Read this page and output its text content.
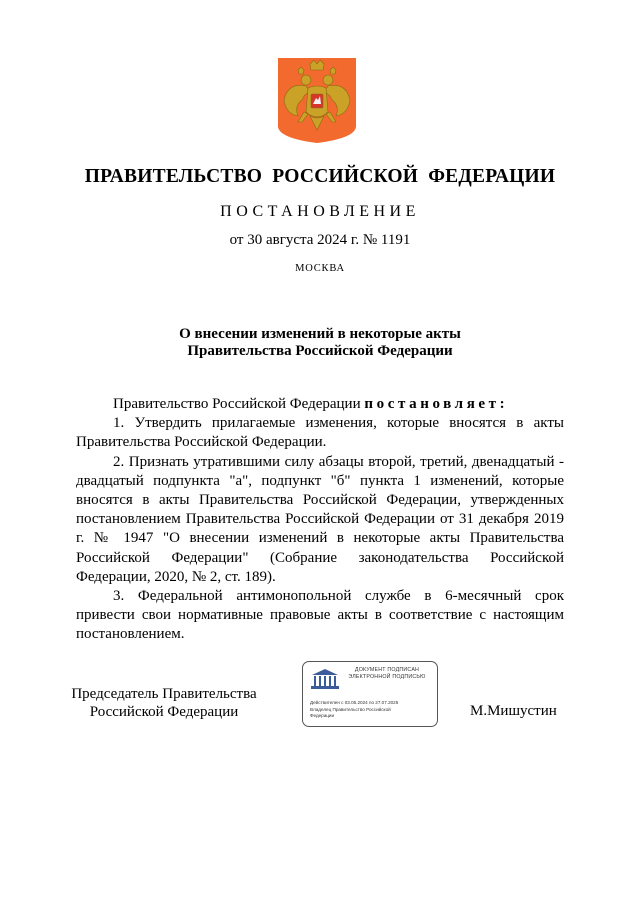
ПРАВИТЕЛЬСТВО  РОССИЙСКОЙ  ФЕДЕРАЦИИ
ПОСТАНОВЛЕНИЕ
от 30 августа 2024 г. № 1191
МОСКВА
О внесении изменений в некоторые акты
Правительства Российской Федерации

Правительство Российской Федерации постановляет:

1. Утвердить прилагаемые изменения, которые вносятся в акты Правительства Российской Федерации.

2. Признать утратившими силу абзацы второй, третий, двенадцатый - двадцатый подпункта "а", подпункт "б" пункта 1 изменений, которые вносятся в акты Правительства Российской Федерации, утвержденных постановлением Правительства Российской Федерации от 31 декабря 2019 г. № 1947 "О внесении изменений в некоторые акты Правительства Российской Федерации" (Собрание законодательства Российской Федерации, 2020, № 2, ст. 189).

3. Федеральной антимонопольной службе в 6-месячный срок привести свои нормативные правовые акты в соответствие с настоящим постановлением.

Председатель Правительства
Российской Федерации
ДОКУМЕНТ ПОДПИСАН
ЭЛЕКТРОННОЙ ПОДПИСЬЮ
Действителен с 03.05.2024 по 27.07.2025
Владелец Правительство Российской
Федерации	М.Мишустин
